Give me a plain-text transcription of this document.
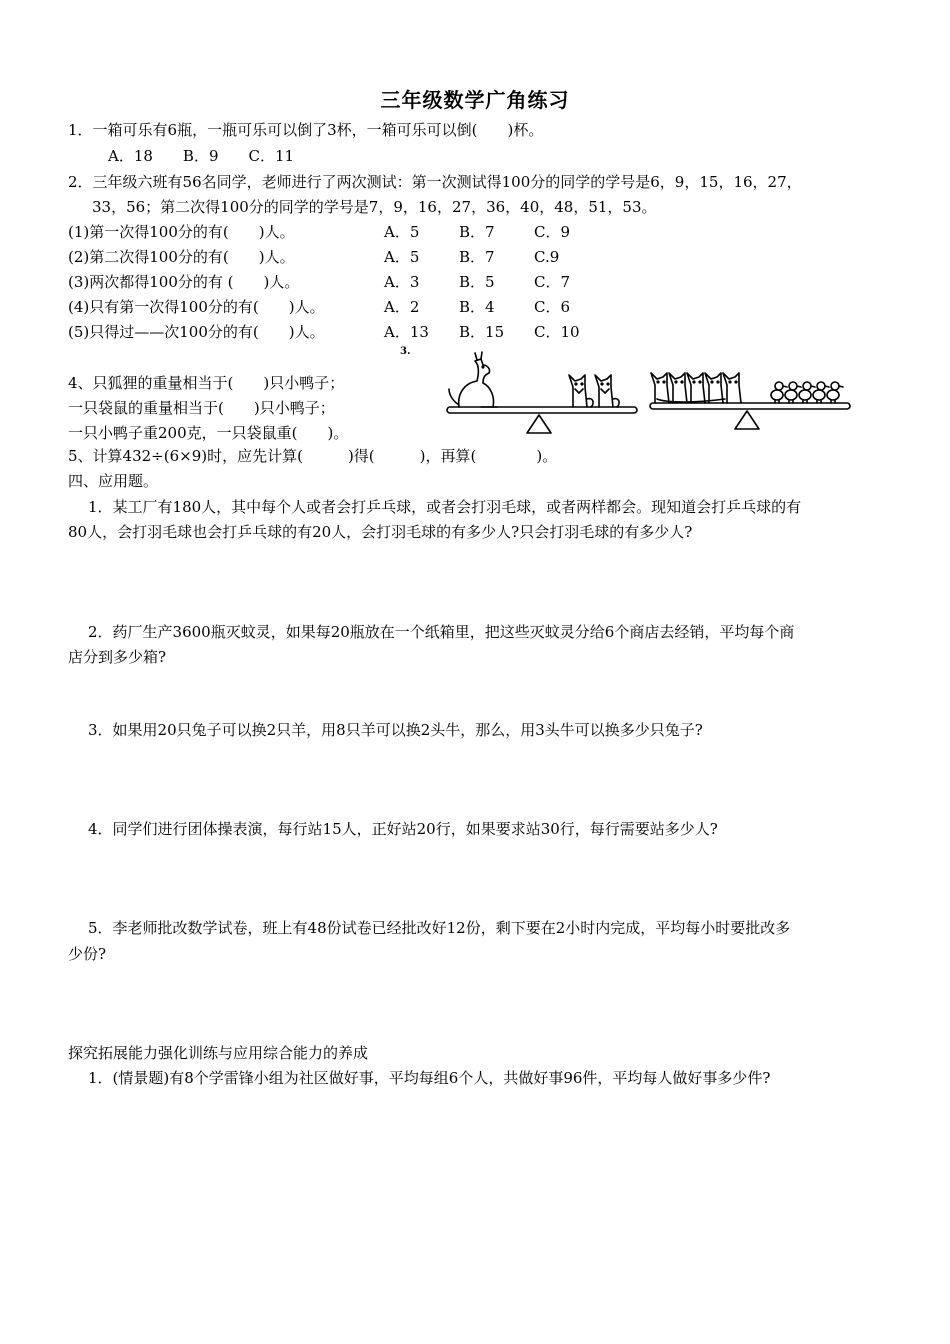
三年级数学广角练习
1．一箱可乐有6瓶，一瓶可乐可以倒了3杯，一箱可乐可以倒(　　)杯。
A．18　　B．9　　C．11
2．三年级六班有56名同学，老师进行了两次测试：第一次测试得100分的同学的学号是6，9，15，16，27，
33，56；第二次得100分的同学的学号是7，9，16，27，36，40，48，51，53。
(1)第一次得100分的有(　　)人。	A．5	B．7	C．9
(2)第二次得100分的有(　　)人。	A．5	B．7	C.9
(3)两次都得100分的有 (　　)人。	A．3	B．5	C．7
(4)只有第一次得100分的有(　　)人。	A．2	B．4	C．6
(5)只得过——次100分的有(　　)人。	A．13 B．15 C．10
4、只狐狸的重量相当于(　　)只小鸭子；
一只袋鼠的重量相当于(　　)只小鸭子；
一只小鸭子重200克，一只袋鼠重(　　)。
3.
5、计算432÷(6×9)时，应先计算(　　　)得(　　　)，再算(　　　　)。
四、应用题。
1．某工厂有180人，其中每个人或者会打乒乓球，或者会打羽毛球，或者两样都会。现知道会打乒乓球的有
80人，会打羽毛球也会打乒乓球的有20人，会打羽毛球的有多少人?只会打羽毛球的有多少人?
2．药厂生产3600瓶灭蚊灵，如果每20瓶放在一个纸箱里，把这些灭蚊灵分给6个商店去经销，平均每个商
店分到多少箱?
3．如果用20只兔子可以换2只羊，用8只羊可以换2头牛，那么，用3头牛可以换多少只兔子?
4．同学们进行团体操表演，每行站15人，正好站20行，如果要求站30行，每行需要站多少人?
5．李老师批改数学试卷，班上有48份试卷已经批改好12份，剩下要在2小时内完成，平均每小时要批改多
少份?
探究拓展能力强化训练与应用综合能力的养成
1．(情景题)有8个学雷锋小组为社区做好事，平均每组6个人，共做好事96件，平均每人做好事多少件?
